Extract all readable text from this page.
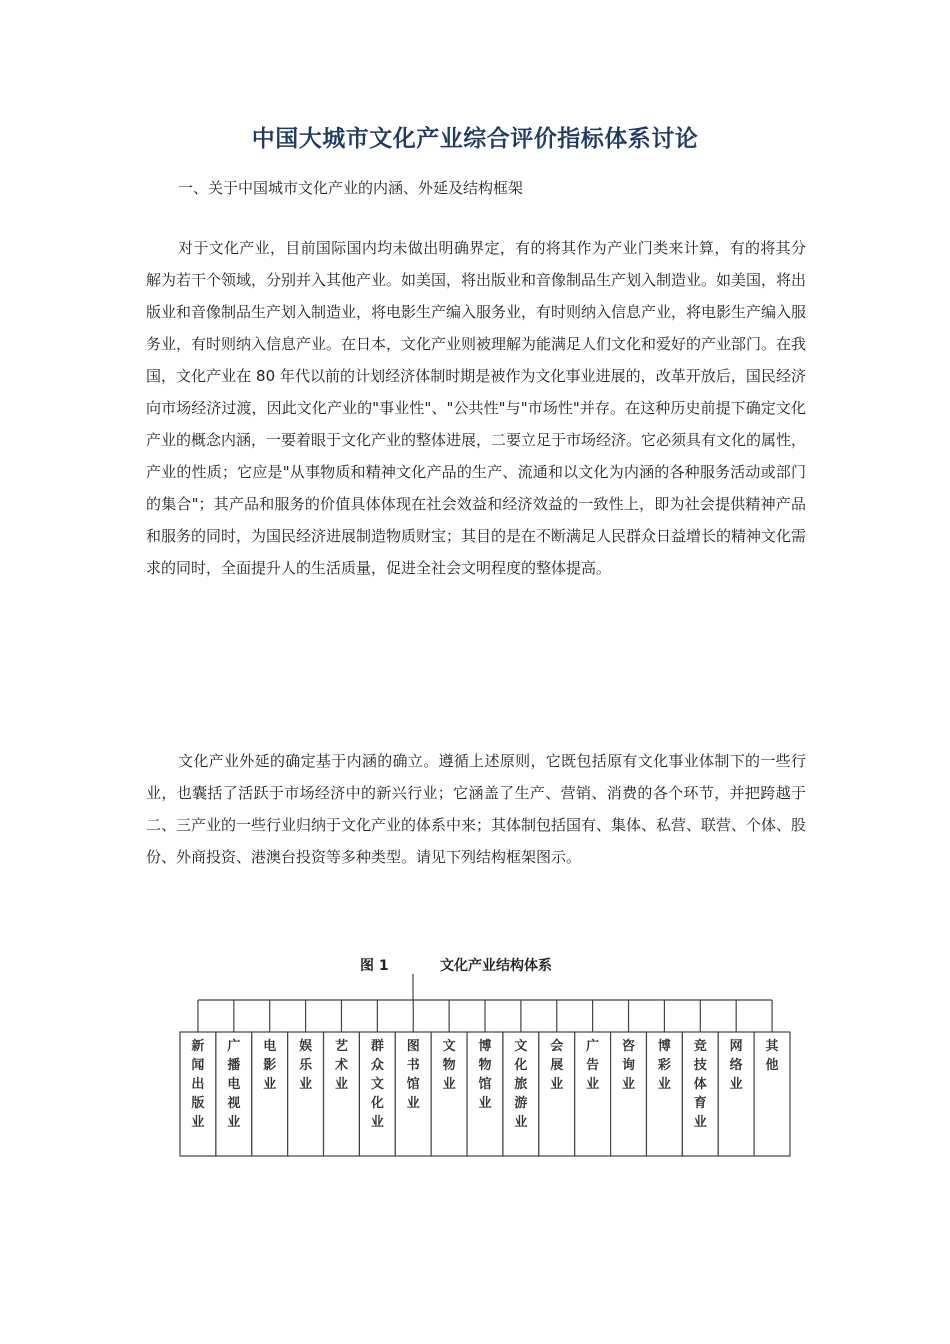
中国大城市文化产业综合评价指标体系讨论
一、关于中国城市文化产业的内涵、外延及结构框架

对于文化产业，目前国际国内均未做出明确界定，有的将其作为产业门类来计算，有的将其分解为若干个领域，分别并入其他产业。如美国，将出版业和音像制品生产划入制造业。如美国，将出版业和音像制品生产划入制造业，将电影生产编入服务业，有时则纳入信息产业，将电影生产编入服务业，有时则纳入信息产业。在日本，文化产业则被理解为能满足人们文化和爱好的产业部门。在我国，文化产业在 80 年代以前的计划经济体制时期是被作为文化事业进展的，改革开放后，国民经济向市场经济过渡，因此文化产业的"事业性"、"公共性"与"市场性"并存。在这种历史前提下确定文化产业的概念内涵，一要着眼于文化产业的整体进展，二要立足于市场经济。它必须具有文化的属性，产业的性质；它应是"从事物质和精神文化产品的生产、流通和以文化为内涵的各种服务活动或部门的集合"；其产品和服务的价值具体体现在社会效益和经济效益的一致性上，即为社会提供精神产品和服务的同时，为国民经济进展制造物质财宝；其目的是在不断满足人民群众日益增长的精神文化需求的同时，全面提升人的生活质量，促进全社会文明程度的整体提高。

文化产业外延的确定基于内涵的确立。遵循上述原则，它既包括原有文化事业体制下的一些行业，也囊括了活跃于市场经济中的新兴行业；它涵盖了生产、营销、消费的各个环节，并把跨越于二、三产业的一些行业归纳于文化产业的体系中来；其体制包括国有、集体、私营、联营、个体、股份、外商投资、港澳台投资等多种类型。请见下列结构框架图示。

图 1	文化产业结构体系
新闻出版业
广播电视业
电影业
娱乐业
艺术业
群众文化业
图书馆业
文物业
博物馆业
文化旅游业
会展业
广告业
咨询业
博彩业
竞技体育业
网络业
其他
